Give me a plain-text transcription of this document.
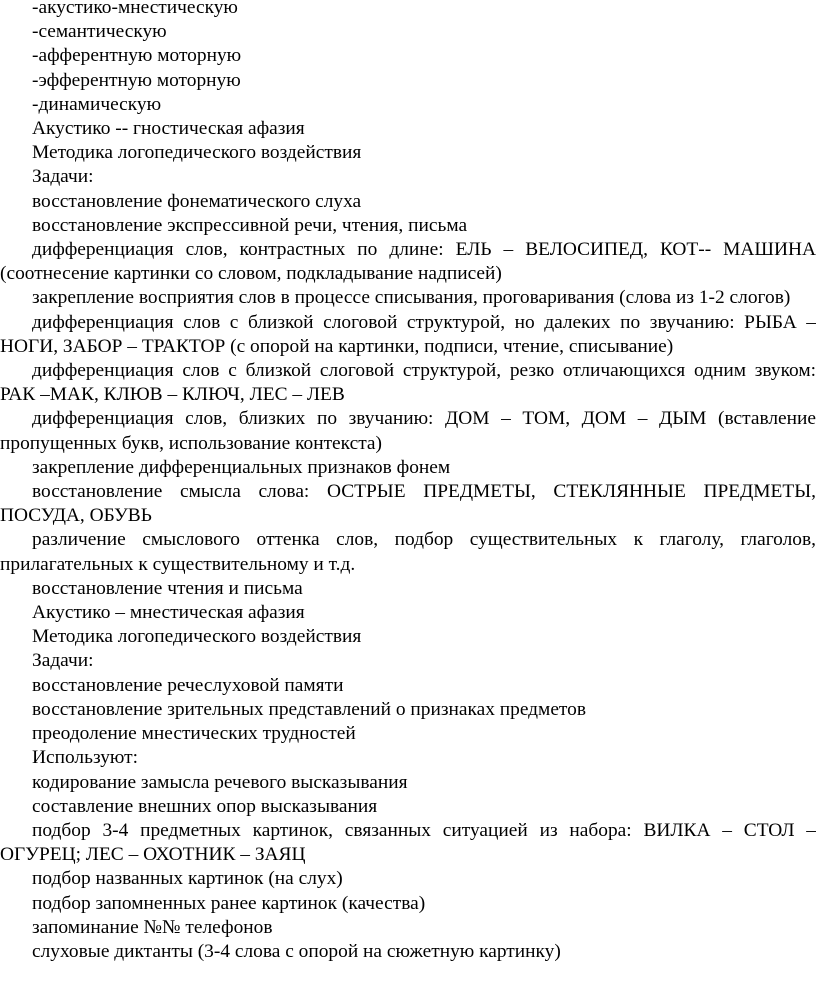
-акустико-мнестическую

-семантическую

-афферентную моторную

-эфферентную моторную

-динамическую

Акустико -- гностическая афазия

Методика логопедического воздействия

Задачи:

восстановление фонематического слуха

восстановление экспрессивной речи, чтения, письма

дифференциация слов, контрастных по длине: ЕЛЬ – ВЕЛОСИПЕД, КОТ-- МАШИНА (соотнесение картинки со словом, подкладывание надписей)

закрепление восприятия слов в процессе списывания, проговаривания (слова из 1-2 слогов)

дифференциация слов с близкой слоговой структурой, но далеких по звучанию: РЫБА – НОГИ, ЗАБОР – ТРАКТОР (с опорой на картинки, подписи, чтение, списывание)

дифференциация слов с близкой слоговой структурой, резко отличающихся одним звуком: РАК –МАК, КЛЮВ – КЛЮЧ, ЛЕС – ЛЕВ

дифференциация слов, близких по звучанию: ДОМ – ТОМ, ДОМ – ДЫМ (вставление пропущенных букв, использование контекста)

закрепление дифференциальных признаков фонем

восстановление смысла слова: ОСТРЫЕ ПРЕДМЕТЫ, СТЕКЛЯННЫЕ ПРЕДМЕТЫ, ПОСУДА, ОБУВЬ

различение смыслового оттенка слов, подбор существительных к глаголу, глаголов, прилагательных к существительному и т.д.

восстановление чтения и письма

Акустико – мнестическая афазия

Методика логопедического воздействия

Задачи:

восстановление речеслуховой памяти

восстановление зрительных представлений о признаках предметов

преодоление мнестических трудностей

Используют:

кодирование замысла речевого высказывания

составление внешних опор высказывания

подбор 3-4 предметных картинок, связанных ситуацией из набора: ВИЛКА – СТОЛ – ОГУРЕЦ; ЛЕС – ОХОТНИК – ЗАЯЦ

подбор названных картинок (на слух)

подбор запомненных ранее картинок (качества)

запоминание №№ телефонов

слуховые диктанты (3-4 слова с опорой на сюжетную картинку)
